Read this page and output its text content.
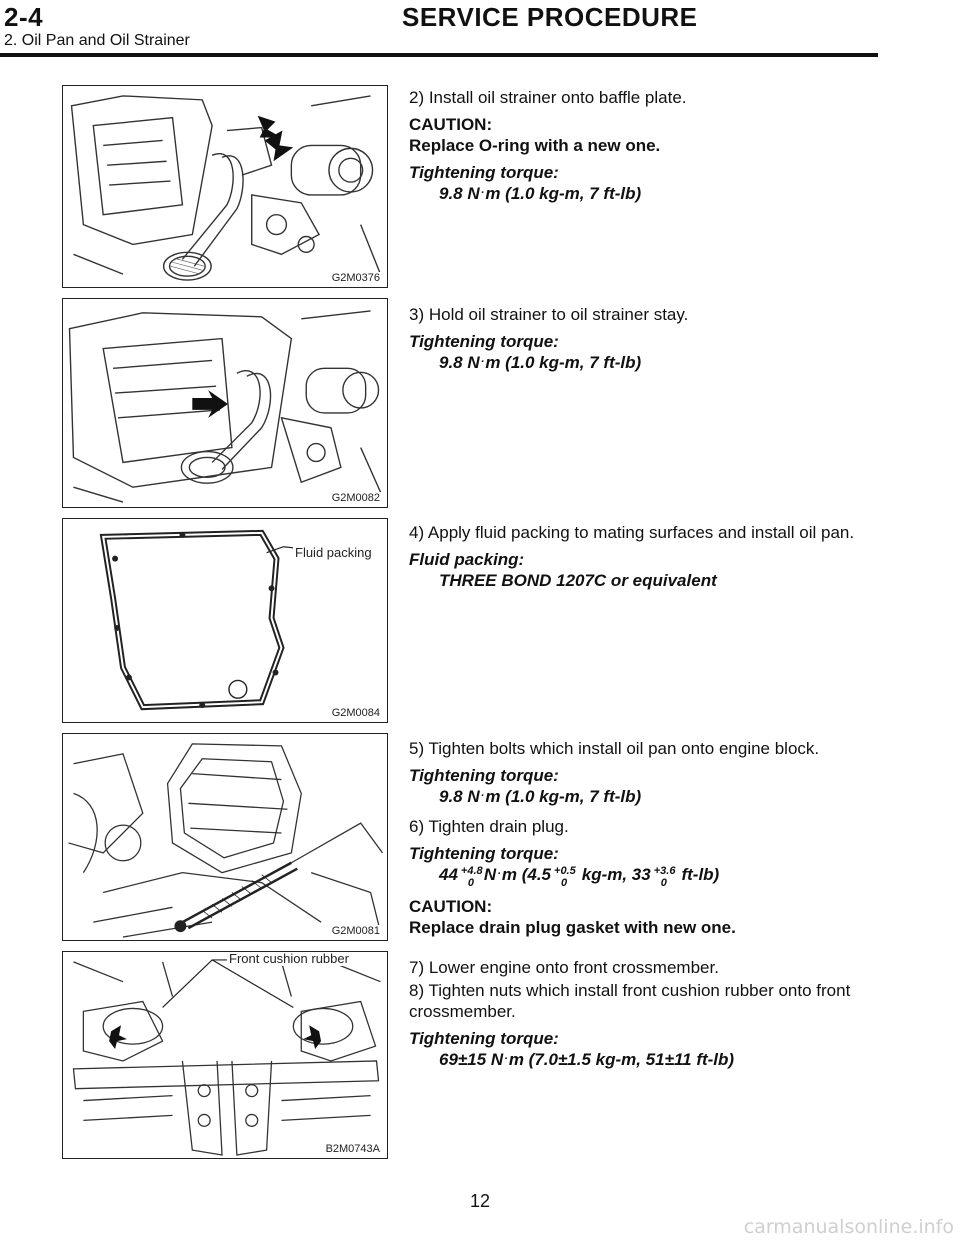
2-4	SERVICE PROCEDURE
2. Oil Pan and Oil Strainer
G2M0376
G2M0082
Fluid packing
G2M0084
G2M0081
Front cushion rubber
B2M0743A

2) Install oil strainer onto baffle plate.

CAUTION:

Replace O-ring with a new one.

Tightening torque:

9.8 N·m (1.0 kg-m, 7 ft-lb)

3) Hold oil strainer to oil strainer stay.

Tightening torque:

9.8 N·m (1.0 kg-m, 7 ft-lb)

4) Apply fluid packing to mating surfaces and install oil pan.

Fluid packing:

THREE BOND 1207C or equivalent

5) Tighten bolts which install oil pan onto engine block.

Tightening torque:

9.8 N·m (1.0 kg-m, 7 ft-lb)

6) Tighten drain plug.

Tightening torque:

44 +4.8
0 N·m (4.5 +0.5
0 kg-m, 33 +3.6
0 ft-lb)

CAUTION:

Replace drain plug gasket with new one.

7) Lower engine onto front crossmember.

8) Tighten nuts which install front cushion rubber onto front crossmember.

Tightening torque:

69±15 N·m (7.0±1.5 kg-m, 51±11 ft-lb)

12
carmanualsonline.info
